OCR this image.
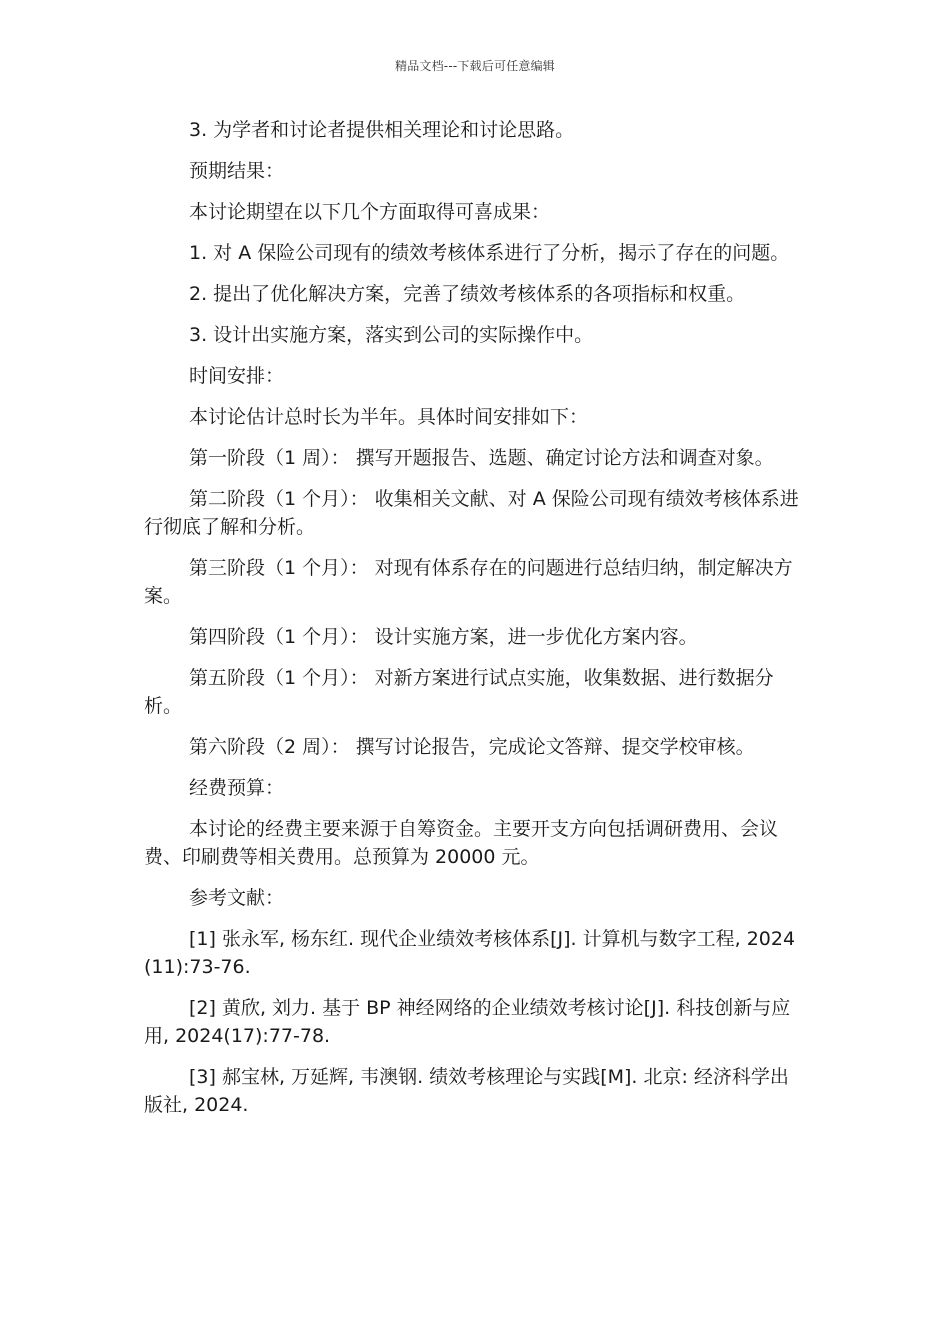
精品文档---下载后可任意编辑

3. 为学者和讨论者提供相关理论和讨论思路。

预期结果：

本讨论期望在以下几个方面取得可喜成果：

1. 对 A 保险公司现有的绩效考核体系进行了分析，揭示了存在的问题。

2. 提出了优化解决方案，完善了绩效考核体系的各项指标和权重。

3. 设计出实施方案，落实到公司的实际操作中。

时间安排：

本讨论估计总时长为半年。具体时间安排如下：

第一阶段（1 周）： 撰写开题报告、选题、确定讨论方法和调查对象。

第二阶段（1 个月）： 收集相关文献、对 A 保险公司现有绩效考核体系进行彻底了解和分析。

第三阶段（1 个月）： 对现有体系存在的问题进行总结归纳，制定解决方案。

第四阶段（1 个月）： 设计实施方案，进一步优化方案内容。

第五阶段（1 个月）： 对新方案进行试点实施，收集数据、进行数据分析。

第六阶段（2 周）： 撰写讨论报告，完成论文答辩、提交学校审核。

经费预算：

本讨论的经费主要来源于自筹资金。主要开支方向包括调研费用、会议费、印刷费等相关费用。总预算为 20000 元。

参考文献：

[1] 张永军, 杨东红. 现代企业绩效考核体系[J]. 计算机与数字工程, 2024(11):73-76.

[2] 黄欣, 刘力. 基于 BP 神经网络的企业绩效考核讨论[J]. 科技创新与应用, 2024(17):77-78.

[3] 郝宝林, 万延辉, 韦澳钢. 绩效考核理论与实践[M]. 北京: 经济科学出版社, 2024.
